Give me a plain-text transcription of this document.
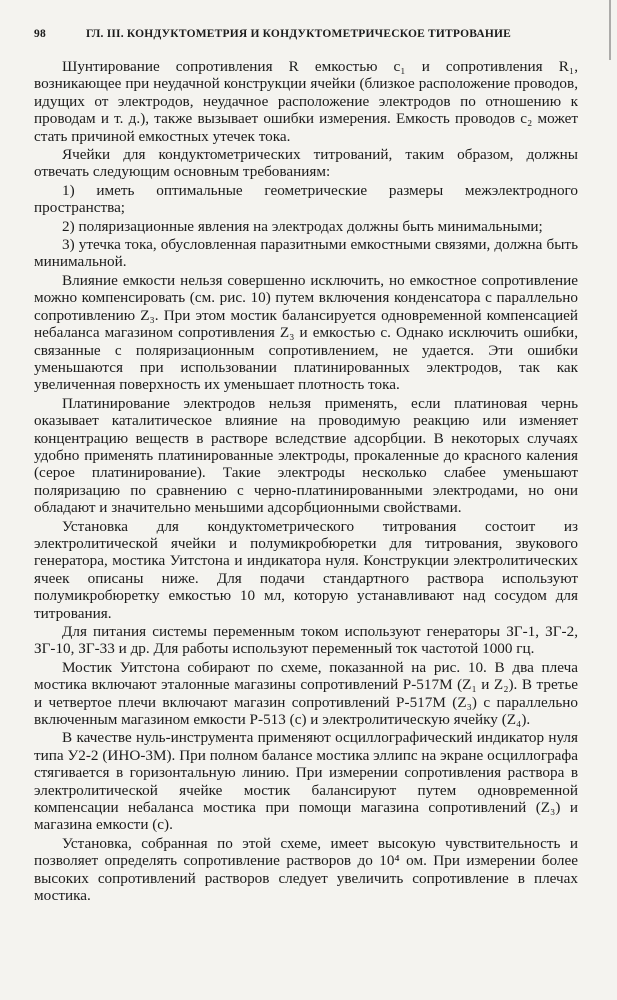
98	ГЛ. III. КОНДУКТОМЕТРИЯ И КОНДУКТОМЕТРИЧЕСКОЕ ТИТРОВАНИЕ

Шунтирование сопротивления R емкостью c₁ и сопротивления R₁, возникающее при неудачной конструкции ячейки (близкое расположение проводов, идущих от электродов, неудачное расположение электродов по отношению к проводам и т. д.), также вызывает ошибки измерения. Емкость проводов c₂ может стать причиной емкостных утечек тока.

Ячейки для кондуктометрических титрований, таким образом, должны отвечать следующим основным требованиям:

1) иметь оптимальные геометрические размеры межэлектродного пространства;

2) поляризационные явления на электродах должны быть минимальными;

3) утечка тока, обусловленная паразитными емкостными связями, должна быть минимальной.

Влияние емкости нельзя совершенно исключить, но емкостное сопротивление можно компенсировать (см. рис. 10) путем включения конденсатора c параллельно сопротивлению Z₃. При этом мостик балансируется одновременной компенсацией небаланса магазином сопротивления Z₃ и емкостью c. Однако исключить ошибки, связанные с поляризационным сопротивлением, не удается. Эти ошибки уменьшаются при использовании платинированных электродов, так как увеличенная поверхность их уменьшает плотность тока.

Платинирование электродов нельзя применять, если платиновая чернь оказывает каталитическое влияние на проводимую реакцию или изменяет концентрацию веществ в растворе вследствие адсорбции. В некоторых случаях удобно применять платинированные электроды, прокаленные до красного каления (серое платинирование). Такие электроды несколько слабее уменьшают поляризацию по сравнению с черно-платинированными электродами, но они обладают и значительно меньшими адсорбционными свойствами.

Установка для кондуктометрического титрования состоит из электролитической ячейки и полумикробюретки для титрования, звукового генератора, мостика Уитстона и индикатора нуля. Конструкции электролитических ячеек описаны ниже. Для подачи стандартного раствора используют полумикробюретку емкостью 10 мл, которую устанавливают над сосудом для титрования.

Для питания системы переменным током используют генераторы ЗГ-1, ЗГ-2, ЗГ-10, ЗГ-33 и др. Для работы используют переменный ток частотой 1000 гц.

Мостик Уитстона собирают по схеме, показанной на рис. 10. В два плеча мостика включают эталонные магазины сопротивлений Р-517М (Z₁ и Z₂). В третье и четвертое плечи включают магазин сопротивлений Р-517М (Z₃) с параллельно включенным магазином емкости Р-513 (c) и электролитическую ячейку (Z₄).

В качестве нуль-инструмента применяют осциллографический индикатор нуля типа У2-2 (ИНО-3М). При полном балансе мостика эллипс на экране осциллографа стягивается в горизонтальную линию. При измерении сопротивления раствора в электролитической ячейке мостик балансируют путем одновременной компенсации небаланса мостика при помощи магазина сопротивлений (Z₃) и магазина емкости (c).

Установка, собранная по этой схеме, имеет высокую чувствительность и позволяет определять сопротивление растворов до 10⁴ ом. При измерении более высоких сопротивлений растворов следует увеличить сопротивление в плечах мостика.
